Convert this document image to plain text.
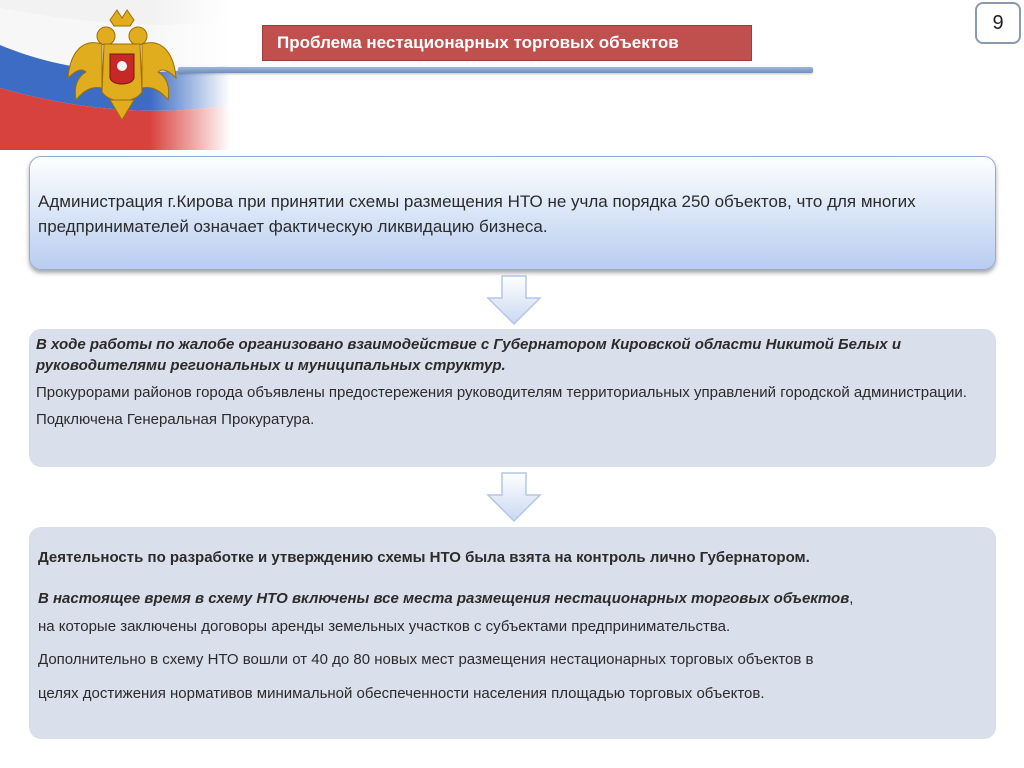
Проблема нестационарных торговых объектов
9
Администрация г.Кирова при принятии схемы размещения НТО не учла порядка 250 объектов, что для многих предпринимателей означает фактическую ликвидацию бизнеса.

В ходе работы по жалобе организовано взаимодействие с Губернатором Кировской области Никитой Белых и руководителями региональных и муниципальных структур.

Прокурорами районов города объявлены предостережения руководителям территориальных управлений городской администрации.

Подключена Генеральная Прокуратура.

Деятельность по разработке и утверждению схемы НТО была взята на контроль лично Губернатором.

В настоящее время в схему НТО включены все места размещения нестационарных торговых объектов,

на которые заключены договоры аренды земельных участков с субъектами предпринимательства.

Дополнительно в схему НТО вошли от 40 до 80 новых мест размещения нестационарных торговых объектов в

целях достижения нормативов минимальной обеспеченности населения площадью торговых объектов.
